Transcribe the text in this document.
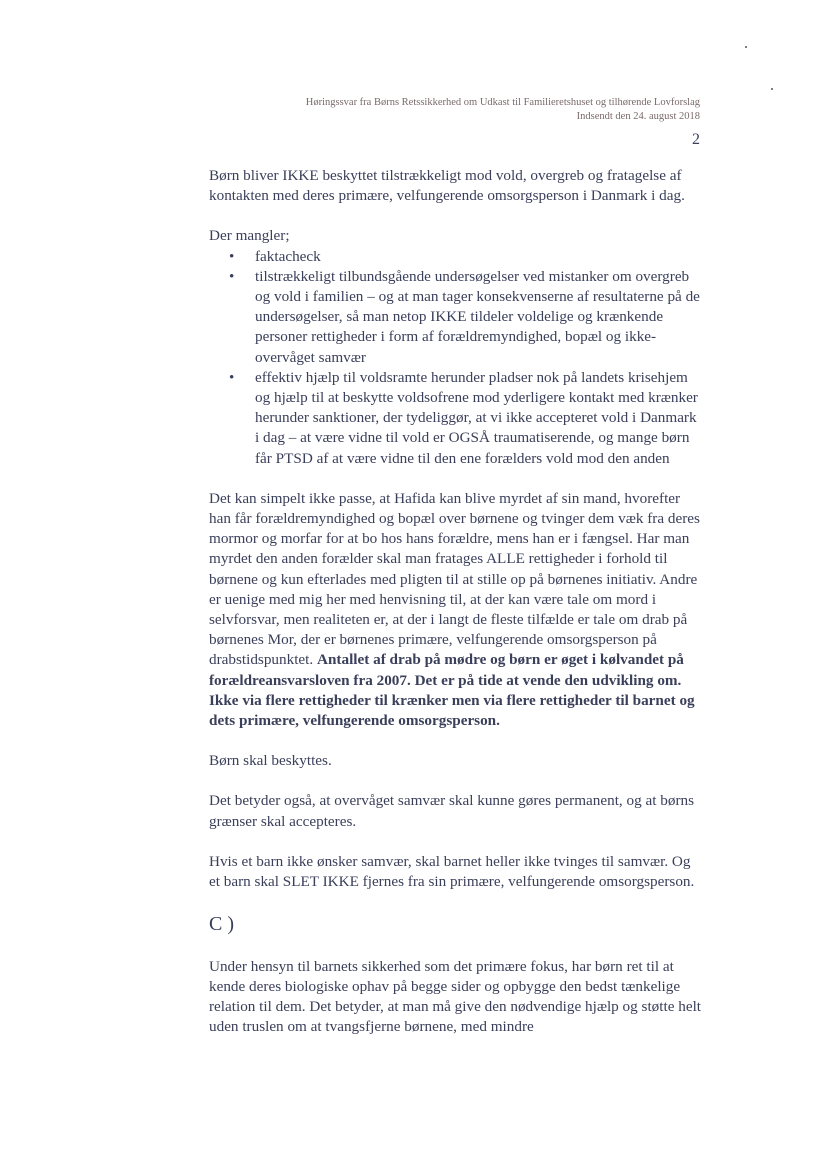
Høringssvar fra Børns Retssikkerhed om Udkast til Familieretshuset og tilhørende Lovforslag
Indsendt den 24. august 2018
2

Børn bliver IKKE beskyttet tilstrækkeligt mod vold, overgreb og fratagelse af kontakten med deres primære, velfungerende omsorgsperson i Danmark i dag.

Der mangler;
• faktacheck
• tilstrækkeligt tilbundsgående undersøgelser ved mistanker om overgreb og vold i familien – og at man tager konsekvenserne af resultaterne på de undersøgelser, så man netop IKKE tildeler voldelige og krænkende personer rettigheder i form af forældremyndighed, bopæl og ikke-overvåget samvær
• effektiv hjælp til voldsramte herunder pladser nok på landets krisehjem og hjælp til at beskytte voldsofrene mod yderligere kontakt med krænker herunder sanktioner, der tydeliggør, at vi ikke accepteret vold i Danmark i dag – at være vidne til vold er OGSÅ traumatiserende, og mange børn får PTSD af at være vidne til den ene forælders vold mod den anden

Det kan simpelt ikke passe, at Hafida kan blive myrdet af sin mand, hvorefter han får forældremyndighed og bopæl over børnene og tvinger dem væk fra deres mormor og morfar for at bo hos hans forældre, mens han er i fængsel. Har man myrdet den anden forælder skal man fratages ALLE rettigheder i forhold til børnene og kun efterlades med pligten til at stille op på børnenes initiativ. Andre er uenige med mig her med henvisning til, at der kan være tale om mord i selvforsvar, men realiteten er, at der i langt de fleste tilfælde er tale om drab på børnenes Mor, der er børnenes primære, velfungerende omsorgsperson på drabstidspunktet. Antallet af drab på mødre og børn er øget i kølvandet på forældreansvarsloven fra 2007. Det er på tide at vende den udvikling om. Ikke via flere rettigheder til krænker men via flere rettigheder til barnet og dets primære, velfungerende omsorgsperson.

Børn skal beskyttes.

Det betyder også, at overvåget samvær skal kunne gøres permanent, og at børns grænser skal accepteres.

Hvis et barn ikke ønsker samvær, skal barnet heller ikke tvinges til samvær. Og et barn skal SLET IKKE fjernes fra sin primære, velfungerende omsorgsperson.

C )

Under hensyn til barnets sikkerhed som det primære fokus, har børn ret til at kende deres biologiske ophav på begge sider og opbygge den bedst tænkelige relation til dem. Det betyder, at man må give den nødvendige hjælp og støtte helt uden truslen om at tvangsfjerne børnene, med mindre
